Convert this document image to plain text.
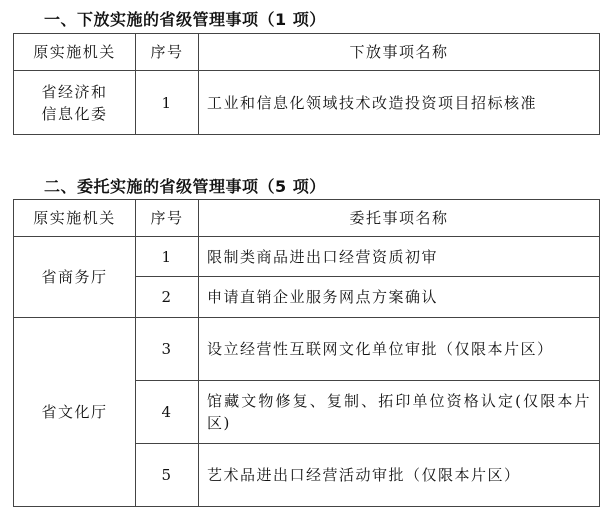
一、下放实施的省级管理事项（1 项）
原实施机关	序号	下放事项名称
省经济和
信息化委	1	工业和信息化领域技术改造投资项目招标核准
二、委托实施的省级管理事项（5 项）
原实施机关	序号	委托事项名称
省商务厅	1	限制类商品进出口经营资质初审
	2	申请直销企业服务网点方案确认
省文化厅	3	设立经营性互联网文化单位审批（仅限本片区）
	4	馆藏文物修复、复制、拓印单位资格认定(仅限本片区)
	5	艺术品进出口经营活动审批（仅限本片区）
